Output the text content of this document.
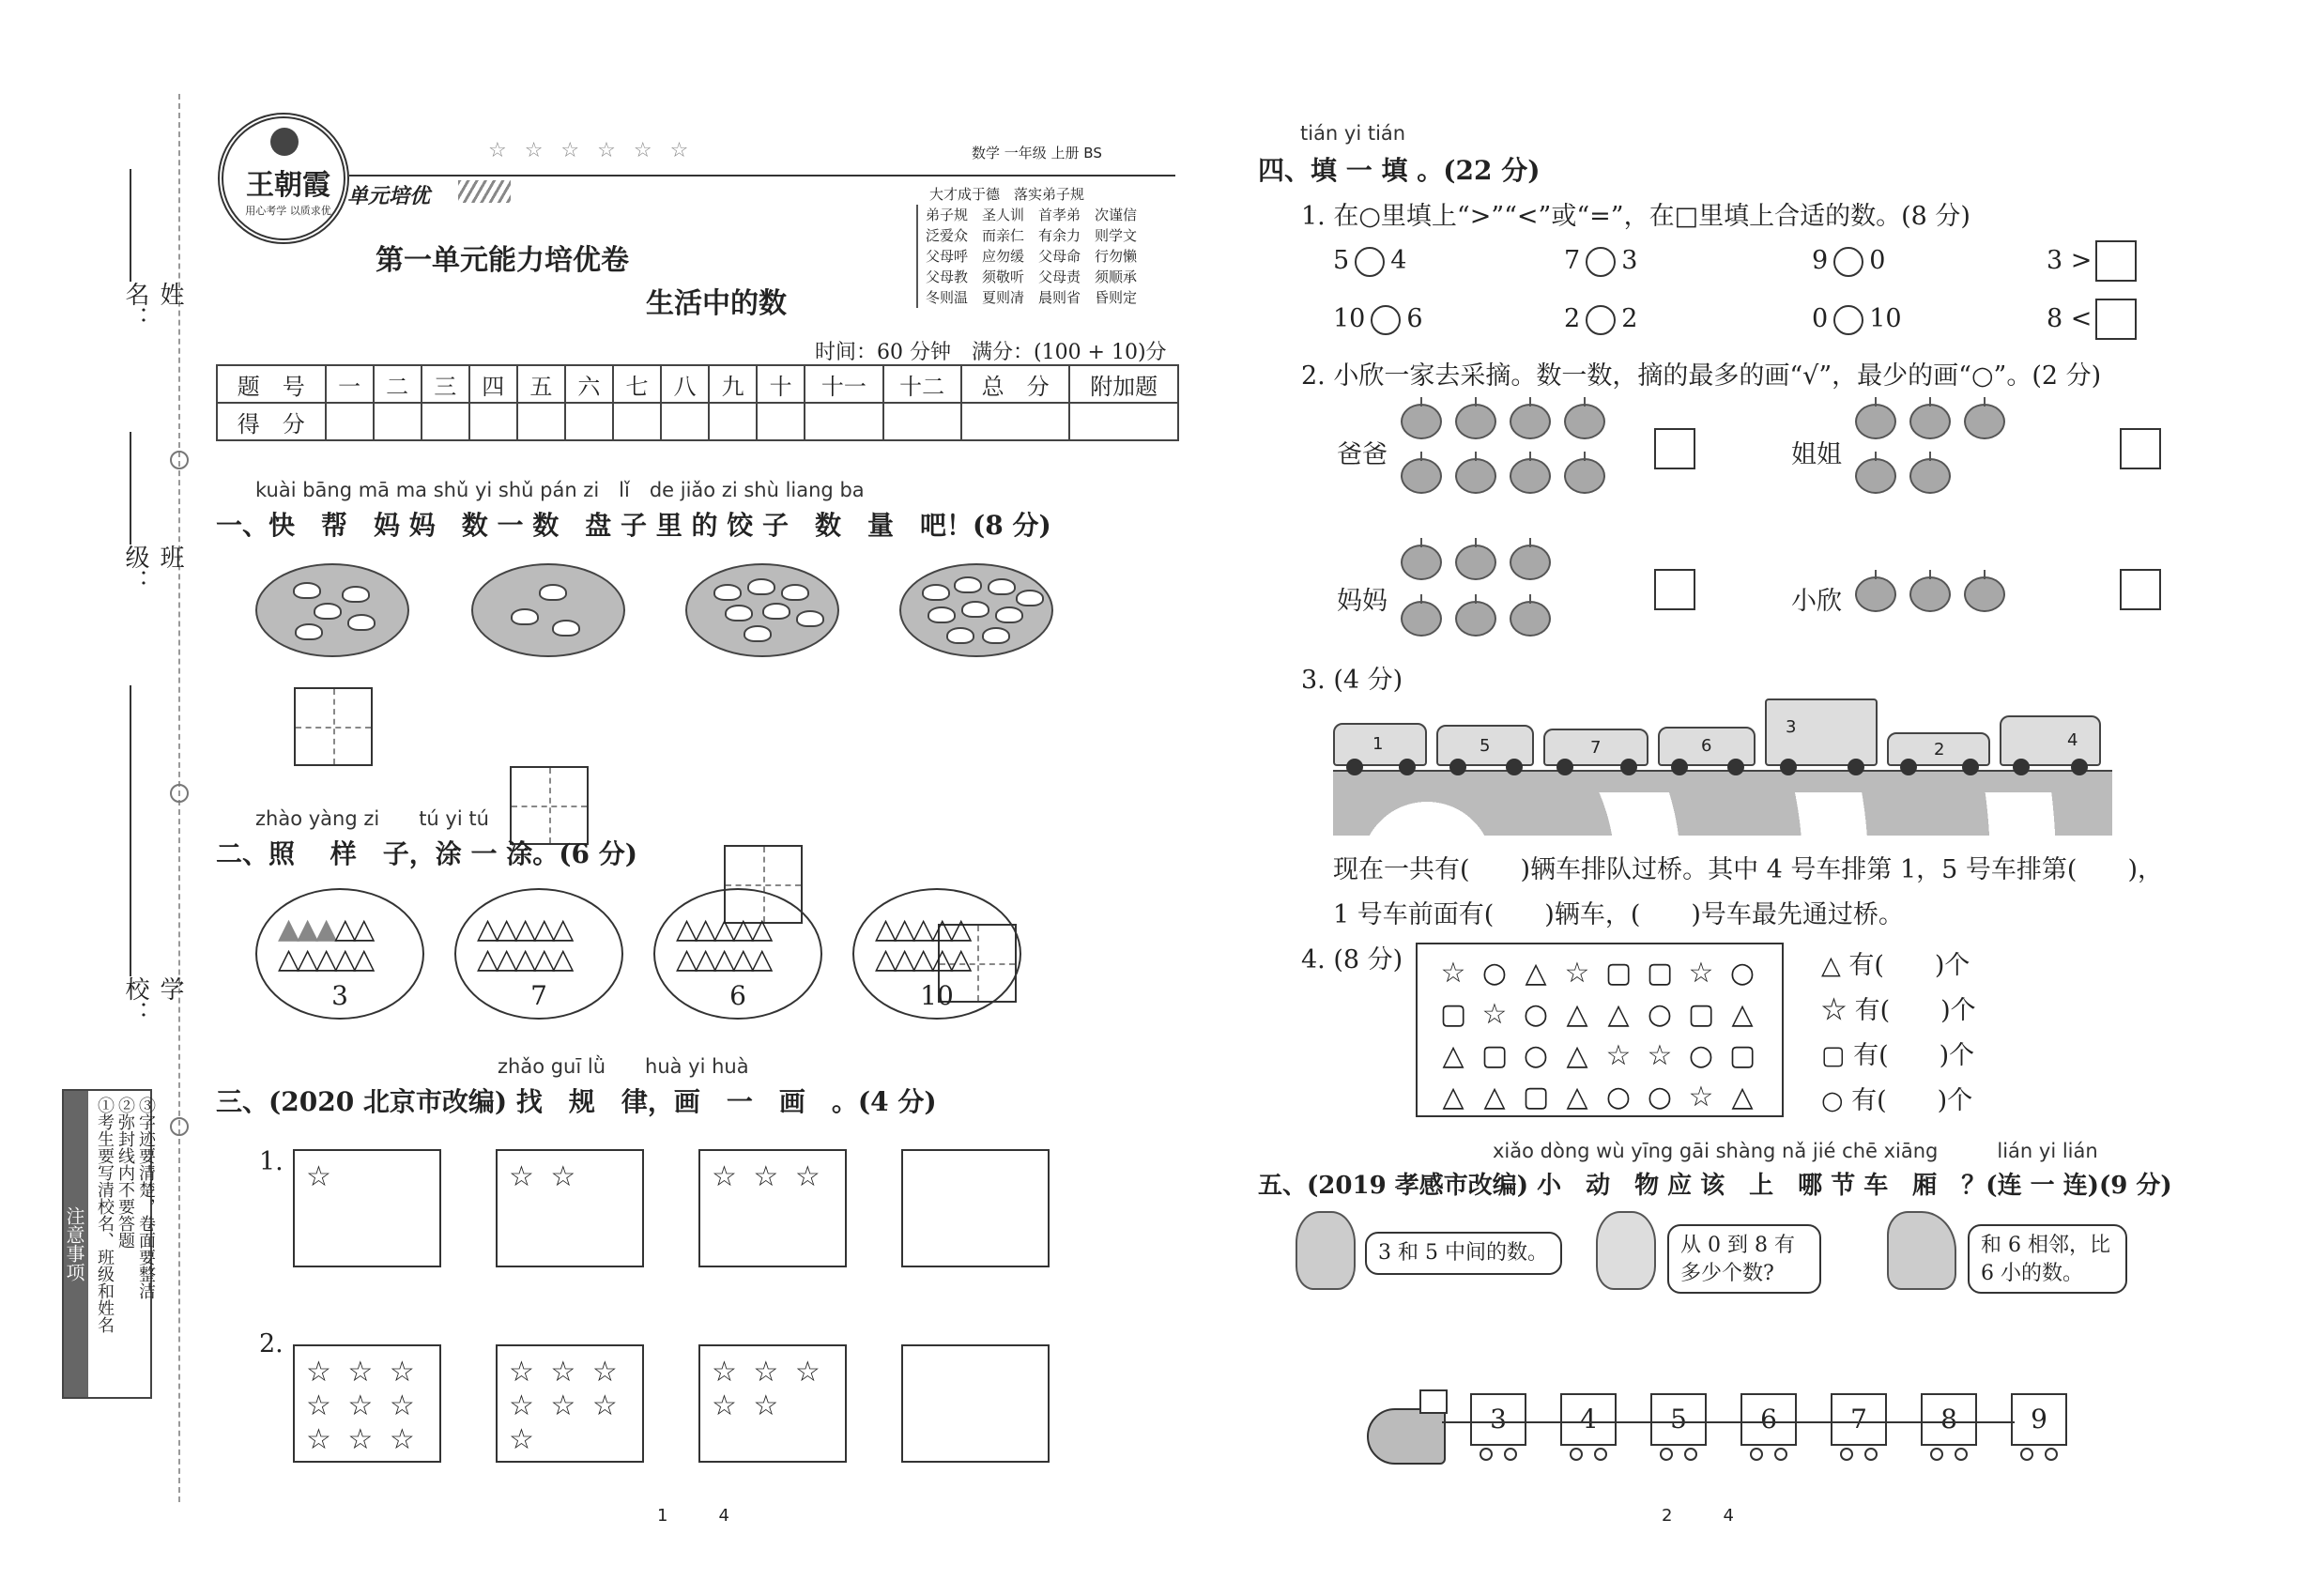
姓 名：
班 级：
学 校：
注意事项 ①考生要写清校名、班级和姓名 ②弥封线内不要答题 ③字迹要清楚，卷面要整洁
王朝霞
用心考学 以质求优
☆ ☆ ☆ ☆ ☆ ☆	数学 一年级 上册 BS
单元培优
第一单元能力培优卷
生活中的数
大才成于德　落实弟子规
弟子规　圣人训　首孝弟　次谨信
泛爱众　而亲仁　有余力　则学文
父母呼　应勿缓　父母命　行勿懒
父母教　须敬听　父母责　须顺承
冬则温　夏则凊　晨则省　昏则定
时间：60 分钟　满分：(100 + 10)分
题　号	一	二	三	四	五	六	七	八	九	十	十一	十二	总　分	附加题
得　分														
kuài bāng mā ma shǔ yi shǔ pán zi　lǐ　de jiǎo zi shù liang ba
一、快　帮　妈 妈　数 一 数　盘 子 里 的 饺 子　数　量　吧！(8 分)
zhào yàng zi　　tú yi tú
二、照　 样　子，涂 一 涂。(6 分)
▲▲▲△△
△△△△△
3
△△△△△
△△△△△
7
△△△△△
△△△△△
6
△△△△△
△△△△△
10
zhǎo guī lǜ　　huà yi huà
三、(2020 北京市改编) 找　规　律，画　一　画　。(4 分)
1. ☆	☆ ☆	☆ ☆ ☆
2.
☆ ☆ ☆
☆ ☆ ☆
☆ ☆ ☆
☆ ☆ ☆
☆ ☆ ☆
☆
☆ ☆ ☆
☆ ☆
1　　　4
tián yi tián
四、填 一 填 。(22 分)
1. 在○里填上“>”“<”或“=”，在□里填上合适的数。(8 分)
5 4	7 3	9 0	3 >
10 6	2 2	0 10	8 <
2. 小欣一家去采摘。数一数，摘的最多的画“√”，最少的画“○”。(2 分)
爸爸	姐姐
妈妈	小欣
3. (4 分)
1	5	7	6
3
2	4
现在一共有(　　)辆车排队过桥。其中 4 号车排第 1，5 号车排第(　　)，
1 号车前面有(　　)辆车，(　　)号车最先通过桥。
4. (8 分) ☆ ○ △ ☆ ▢ ▢ ☆ ○
▢ ☆ ○ △ △ ○ ▢ △
△ ▢ ○ △ ☆ ☆ ○ ▢
△ △ ▢ △ ○ ○ ☆ △
△ 有(　　)个
☆ 有(　　)个
▢ 有(　　)个
○ 有(　　)个
xiǎo dòng wù yīng gāi shàng nǎ jié chē xiāng　　　lián yi lián
五、(2019 孝感市改编) 小　动　物 应 该　上　哪 节 车　厢　？(连 一 连)(9 分)
3 和 5 中间的数。	从 0 到 8 有多少个数?
和 6 相邻，比 6 小的数。
3	4	5	6	7	8	9
2　　　4
